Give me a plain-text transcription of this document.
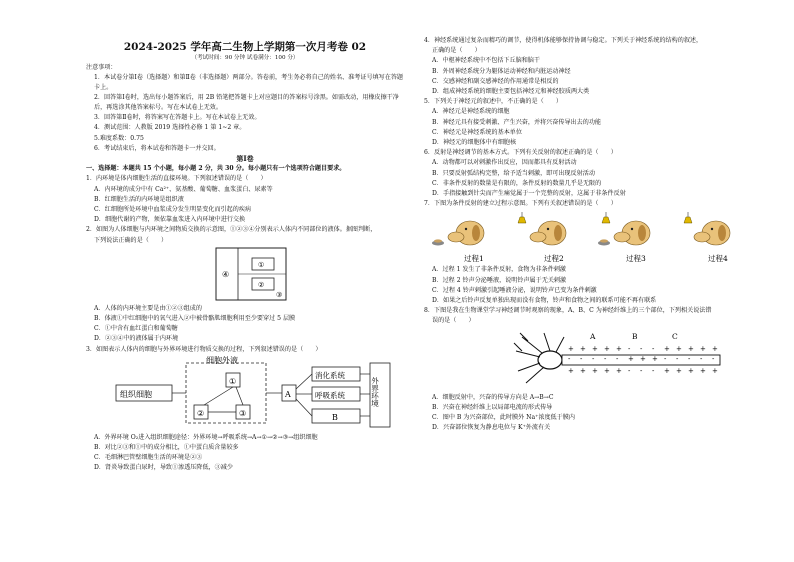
2024-2025 学年高二生物上学期第一次月考卷 02
（考试时间：90 分钟 试卷满分：100 分）
注意事项：
1．本试卷分第Ⅰ卷（选择题）和第Ⅱ卷（非选择题）两部分。答卷前，考生务必将自己的姓名、准考证号填写在答题卡上。
2．回答第Ⅰ卷时，选出每小题答案后，用 2B 铅笔把答题卡上对应题目的答案标号涂黑。如需改动，用橡皮擦干净后，再选涂其他答案标号。写在本试卷上无效。
3．回答第Ⅱ卷时，将答案写在答题卡上。写在本试卷上无效。
4．测试范围：人教版 2019 选择性必修 1 第 1~2 章。
5.难度系数：0.75
6．考试结束后，将本试卷和答题卡一并交回。
第Ⅰ卷
一、选择题：本题共 15 个小题，每小题 2 分，共 30 分。每小题只有一个选项符合题目要求。
1．内环境是体内细胞生活的直接环境。下列叙述错误的是（　　）
A．内环境的成分中有 Ca²⁺、氨基酸、葡萄糖、血浆蛋白、尿素等
B．红细胞生活的内环境是组织液
C．红细胞所处环境中血浆成分发生明显变化而引起的疾病
D．细胞代谢的产物，须依靠血浆进入内环境中进行交换
2．如图为人体细胞与内环境之间物质交换的示意图，①②③④分别表示人体内不同部位的液体。据图判断，
下列说法正确的是（　　）
④
①
②
③
A．人体的内环境主要是由①②③组成的
B．体液①中红细胞中的氧气进入②中被骨骼肌细胞利用至少要穿过 5 层膜
C．①中含有血红蛋白和葡萄糖
D．②③④中的液体属于内环境
3．如图表示人体内的细胞与外界环境进行物质交换的过程，下列叙述错误的是（　　）
细胞外液
组织细胞
①
②	③
A
消化系统
呼吸系统
B
外界环境
A．外界环境 O₂进入组织细胞途径：外界环境→呼吸系统→A→①→②→③→组织细胞
B．对比②③和①中的成分相比，①中蛋白质含量较多
C．毛细淋巴管壁细胞生活的环境是②③
D．肾炎导致蛋白尿时，导致①渗透压降低，③减少
4．神经系统通过复杂而精巧的调节，使得机体能够保持协调与稳定。下列关于神经系统的结构的叙述，
正确的是（　　）
A．中枢神经系统中不包括下丘脑和脑干
B．外周神经系统分为躯体运动神经和内脏运动神经
C．交感神经和副交感神经的作用通常是相反的
D．组成神经系统的细胞主要包括神经元和神经胶质两大类
5．下列关于神经元的叙述中，不正确的是（　　）
A．神经元是神经系统的细胞
B．神经元具有接受刺激、产生兴奋，并将兴奋传导出去的功能
C．神经元是神经系统的基本单位
D．神经元的细胞体中有细胞核
6．反射是神经调节的基本方式。下列有关反射的叙述正确的是（　　）
A．动物都可以对刺激作出反应，因而都具有反射活动
B．只要反射弧结构完整，给予适当刺激，即可出现反射活动
C．非条件反射的数量是有限的，条件反射的数量几乎是无限的
D．手指接触到针尖而产生痛觉属于一个完整的反射，这属于非条件反射
7．下图为条件反射的建立过程示意图。下列有关叙述错误的是（　　）
过程1	过程2	过程3	过程4
A．过程 1 发生了非条件反射，食物为非条件刺激
B．过程 2 铃声分泌唾液，说明铃声属于无关刺激
C．过程 4 铃声刺激引起唾液分泌，说明铃声已变为条件刺激
D．如果之后铃声反复单独出现而没有食物，铃声和食物之间的联系可能不再有联系
8．下图是我在生物课堂学习神经调节时观察的现象，A、B、C 为神经纤维上的三个部位，下列相关说法错
误的是（　　）
A	B	C
+ + + + + - - - + + + + +
+ + + + + - - - + + + + +
- - - - - + + + - - - - -
A．细胞反射中，兴奋的传导方向是 A→B→C
B．兴奋在神经纤维上以局部电流的形式传导
C．图中 B 为兴奋部位，此时膜外 Na⁺浓度低于膜内
D．兴奋部位恢复为静息电位与 K⁺外流有关
